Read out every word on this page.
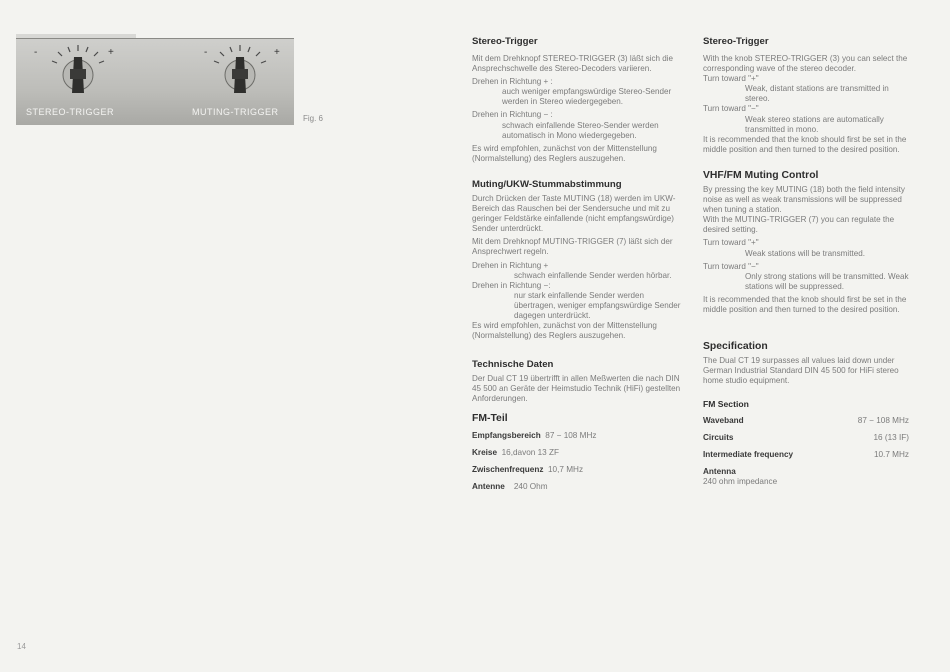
-	+
STEREO-TRIGGER
-	+
MUTING-TRIGGER
Fig. 6
Stereo-Trigger

Mit dem Drehknopf STEREO-TRIGGER (3) läßt sich die Ansprechschwelle des Stereo-Decoders variieren.

Drehen in Richtung + :

auch weniger empfangswürdige Stereo-Sender werden in Stereo wiedergegeben.

Drehen in Richtung − :

schwach einfallende Stereo-Sender werden automatisch in Mono wiedergegeben.

Es wird empfohlen, zunächst von der Mittenstellung (Normalstellung) des Reglers auszugehen.

Muting/UKW-Stummabstimmung

Durch Drücken der Taste MUTING (18) werden im UKW-Bereich das Rauschen bei der Sendersuche und mit zu geringer Feldstärke einfallende (nicht empfangswürdige) Sender unterdrückt.

Mit dem Drehknopf MUTING-TRIGGER (7) läßt sich der Ansprechwert regeln.

Drehen in Richtung +

schwach einfallende Sender werden hörbar.

Drehen in Richtung −:

nur stark einfallende Sender werden übertragen, weniger empfangswürdige Sender dagegen unterdrückt.

Es wird empfohlen, zunächst von der Mittenstellung (Normalstellung) des Reglers auszugehen.

Technische Daten

Der Dual CT 19 übertrifft in allen Meßwerten die nach DIN 45 500 an Geräte der Heimstudio Technik (HiFi) gestellten Anforderungen.

FM-Teil
Empfangsbereich 87 − 108 MHz
Kreise 16,davon 13 ZF
Zwischenfrequenz 10,7 MHz
Antenne 240 Ohm
Stereo-Trigger

With the knob STEREO-TRIGGER (3) you can select the corresponding wave of the stereo decoder.

Turn toward "+"

Weak, distant stations are transmitted in stereo.

Turn toward "−"

Weak stereo stations are automatically transmitted in mono.

It is recommended that the knob should first be set in the middle position and then turned to the desired position.

VHF/FM Muting Control

By pressing the key MUTING (18) both the field intensity noise as well as weak transmissions will be suppressed when tuning a station.

With the MUTING-TRIGGER (7) you can regulate the desired setting.

Turn toward "+"

Weak stations will be transmitted.

Turn toward "−"

Only strong stations will be transmitted. Weak stations will be suppressed.

It is recommended that the knob should first be set in the middle position and then turned to the desired position.

Specification

The Dual CT 19 surpasses all values laid down under German Industrial Standard DIN 45 500 for HiFi stereo home studio equipment.

FM Section
Waveband	87 − 108 MHz
Circuits	16 (13 IF)
Intermediate frequency	10.7 MHz
Antenna
240 ohm impedance
14
